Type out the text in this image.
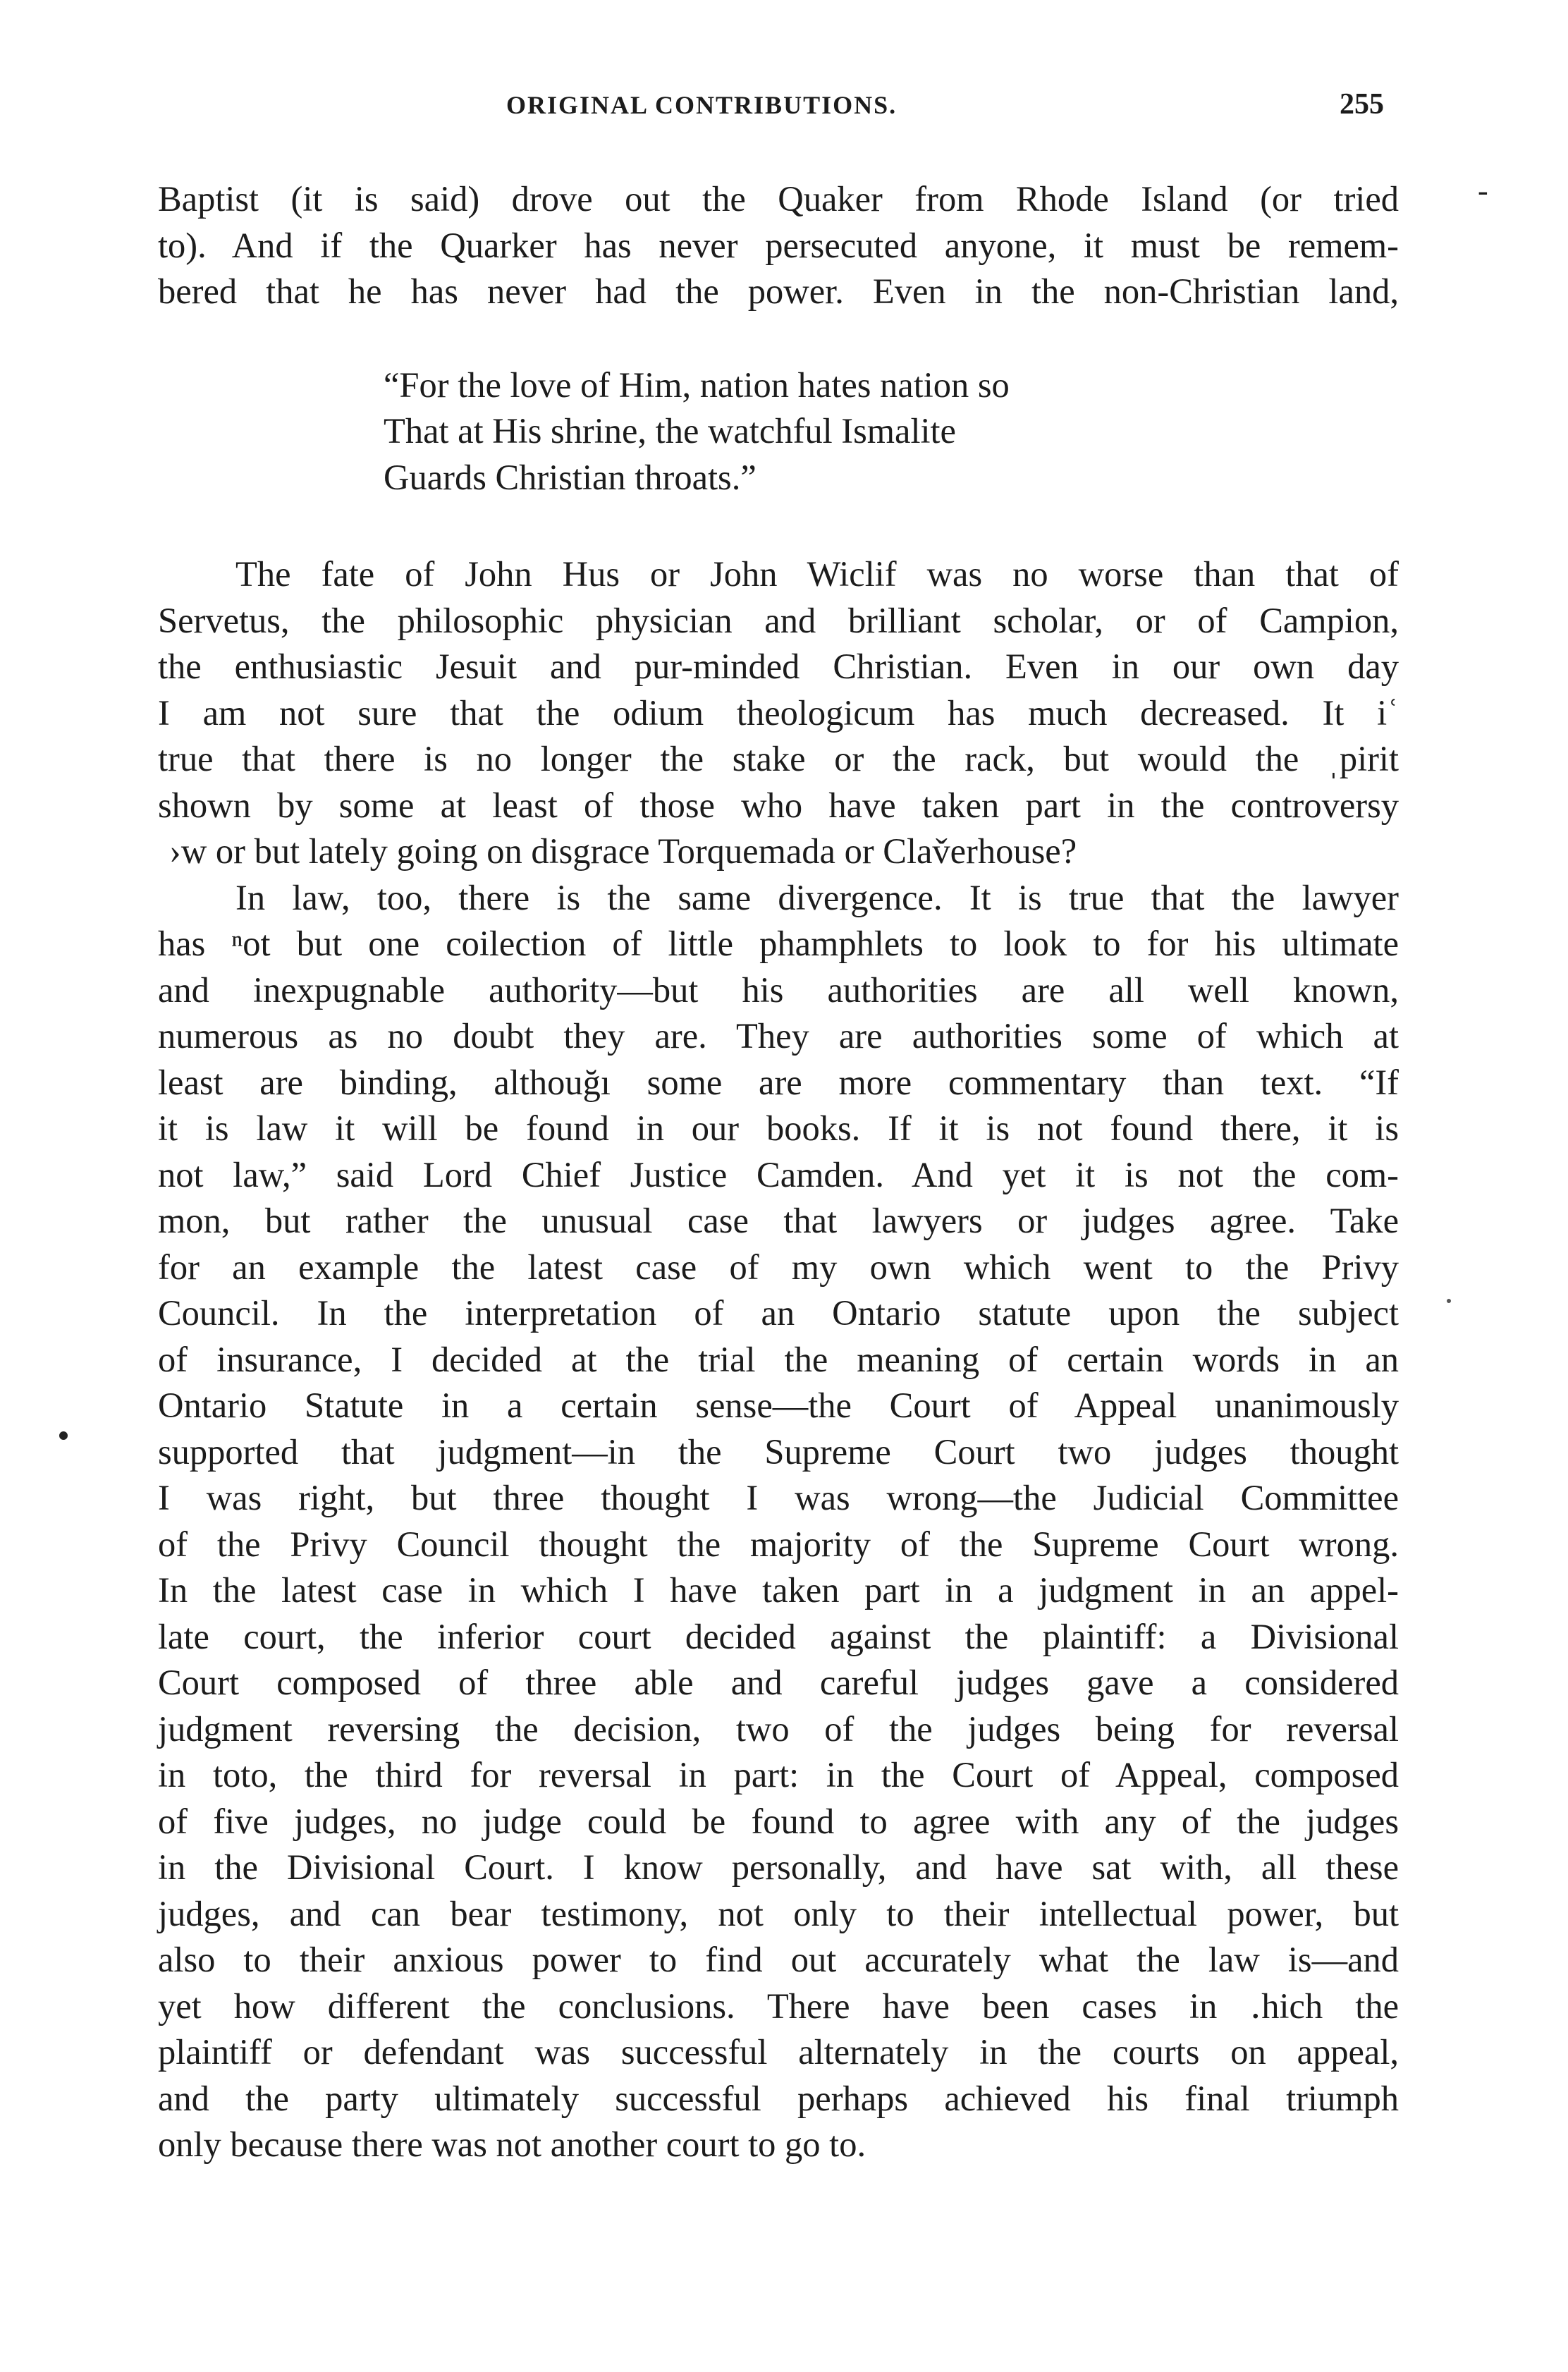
ORIGINAL CONTRIBUTIONS.	255
-
Baptist (it is said) drove out the Quaker from Rhode Island (or tried
to). And if the Quarker has never persecuted anyone, it must be remem-
bered that he has never had the power. Even in the non-Christian land,
“For the love of Him, nation hates nation so
That at His shrine, the watchful Ismalite
Guards Christian throats.”
The fate of John Hus or John Wiclif was no worse than that of
Servetus, the philosophic physician and brilliant scholar, or of Campion,
the enthusiastic Jesuit and pur-minded Christian. Even in our own day
I am not sure that the odium theologicum has much decreased. It iʿ
true that there is no longer the stake or the rack, but would the ˌpirit
shown by some at least of those who have taken part in the controversy
›w or but lately going on disgrace Torquemada or Clav̌erhouse?
In law, too, there is the same divergence. It is true that the lawyer
has ⁿot but one coilection of little phamphlets to look to for his ultimate
and inexpugnable authority—but his authorities are all well known,
numerous as no doubt they are. They are authorities some of which at
least are binding, althouğı some are more commentary than text. “If
it is law it will be found in our books. If it is not found there, it is
not law,” said Lord Chief Justice Camden. And yet it is not the com-
mon, but rather the unusual case that lawyers or judges agree. Take
for an example the latest case of my own which went to the Privy
Council. In the interpretation of an Ontario statute upon the subject
of insurance, I decided at the trial the meaning of certain words in an
Ontario Statute in a certain sense—the Court of Appeal unanimously
supported that judgment—in the Supreme Court two judges thought
I was right, but three thought I was wrong—the Judicial Committee
of the Privy Council thought the majority of the Supreme Court wrong.
In the latest case in which I have taken part in a judgment in an appel-
late court, the inferior court decided against the plaintiff: a Divisional
Court composed of three able and careful judges gave a considered
judgment reversing the decision, two of the judges being for reversal
in toto, the third for reversal in part: in the Court of Appeal, composed
of five judges, no judge could be found to agree with any of the judges
in the Divisional Court. I know personally, and have sat with, all these
judges, and can bear testimony, not only to their intellectual power, but
also to their anxious power to find out accurately what the law is—and
yet how different the conclusions. There have been cases in ․hich the
plaintiff or defendant was successful alternately in the courts on appeal,
and the party ultimately successful perhaps achieved his final triumph
only because there was not another court to go to.
